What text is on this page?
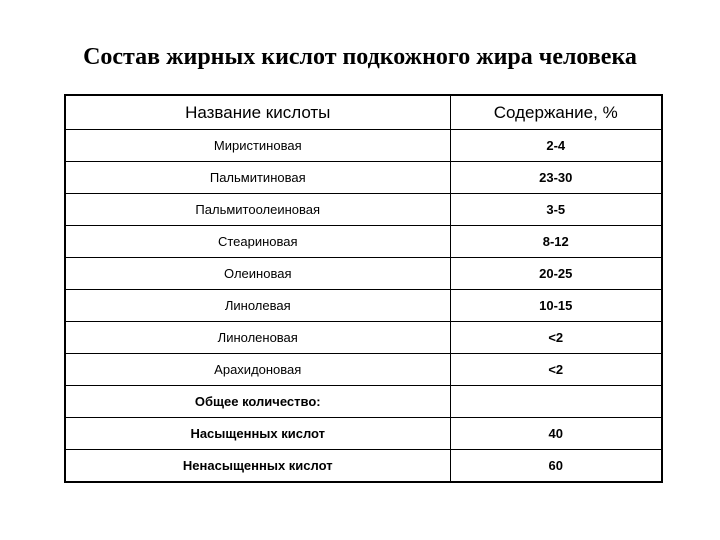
Состав жирных кислот подкожного жира человека
Название кислоты	Содержание, %
Миристиновая	2-4
Пальмитиновая	23-30
Пальмитоолеиновая	3-5
Стеариновая	8-12
Олеиновая	20-25
Линолевая	10-15
Линоленовая	<2
Арахидоновая	<2
Общее количество:	
Насыщенных кислот	40
Ненасыщенных кислот	60
